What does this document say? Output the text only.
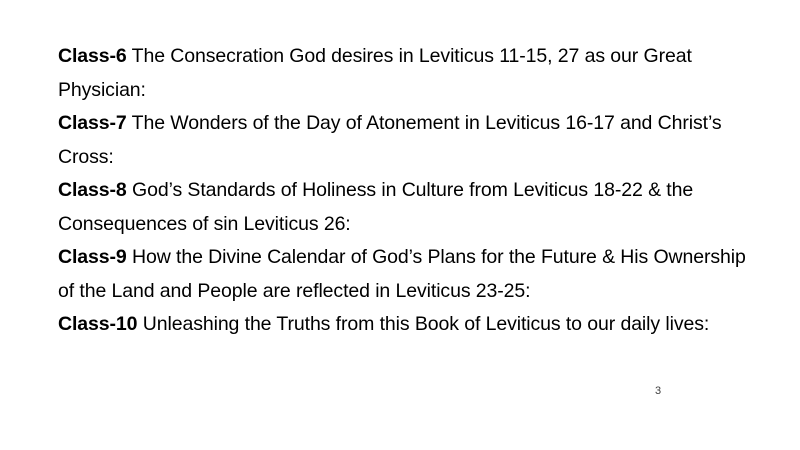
Class-6 The Consecration God desires in Leviticus 11-15, 27 as our Great Physician:

Class-7 The Wonders of the Day of Atonement in Leviticus 16-17 and Christ’s Cross:

Class-8 God’s Standards of Holiness in Culture from Leviticus 18-22 & the Consequences of sin Leviticus 26:

Class-9 How the Divine Calendar of God’s Plans for the Future & His Ownership of the Land and People are reflected in Leviticus 23-25:

Class-10 Unleashing the Truths from this Book of Leviticus to our daily lives:

3
